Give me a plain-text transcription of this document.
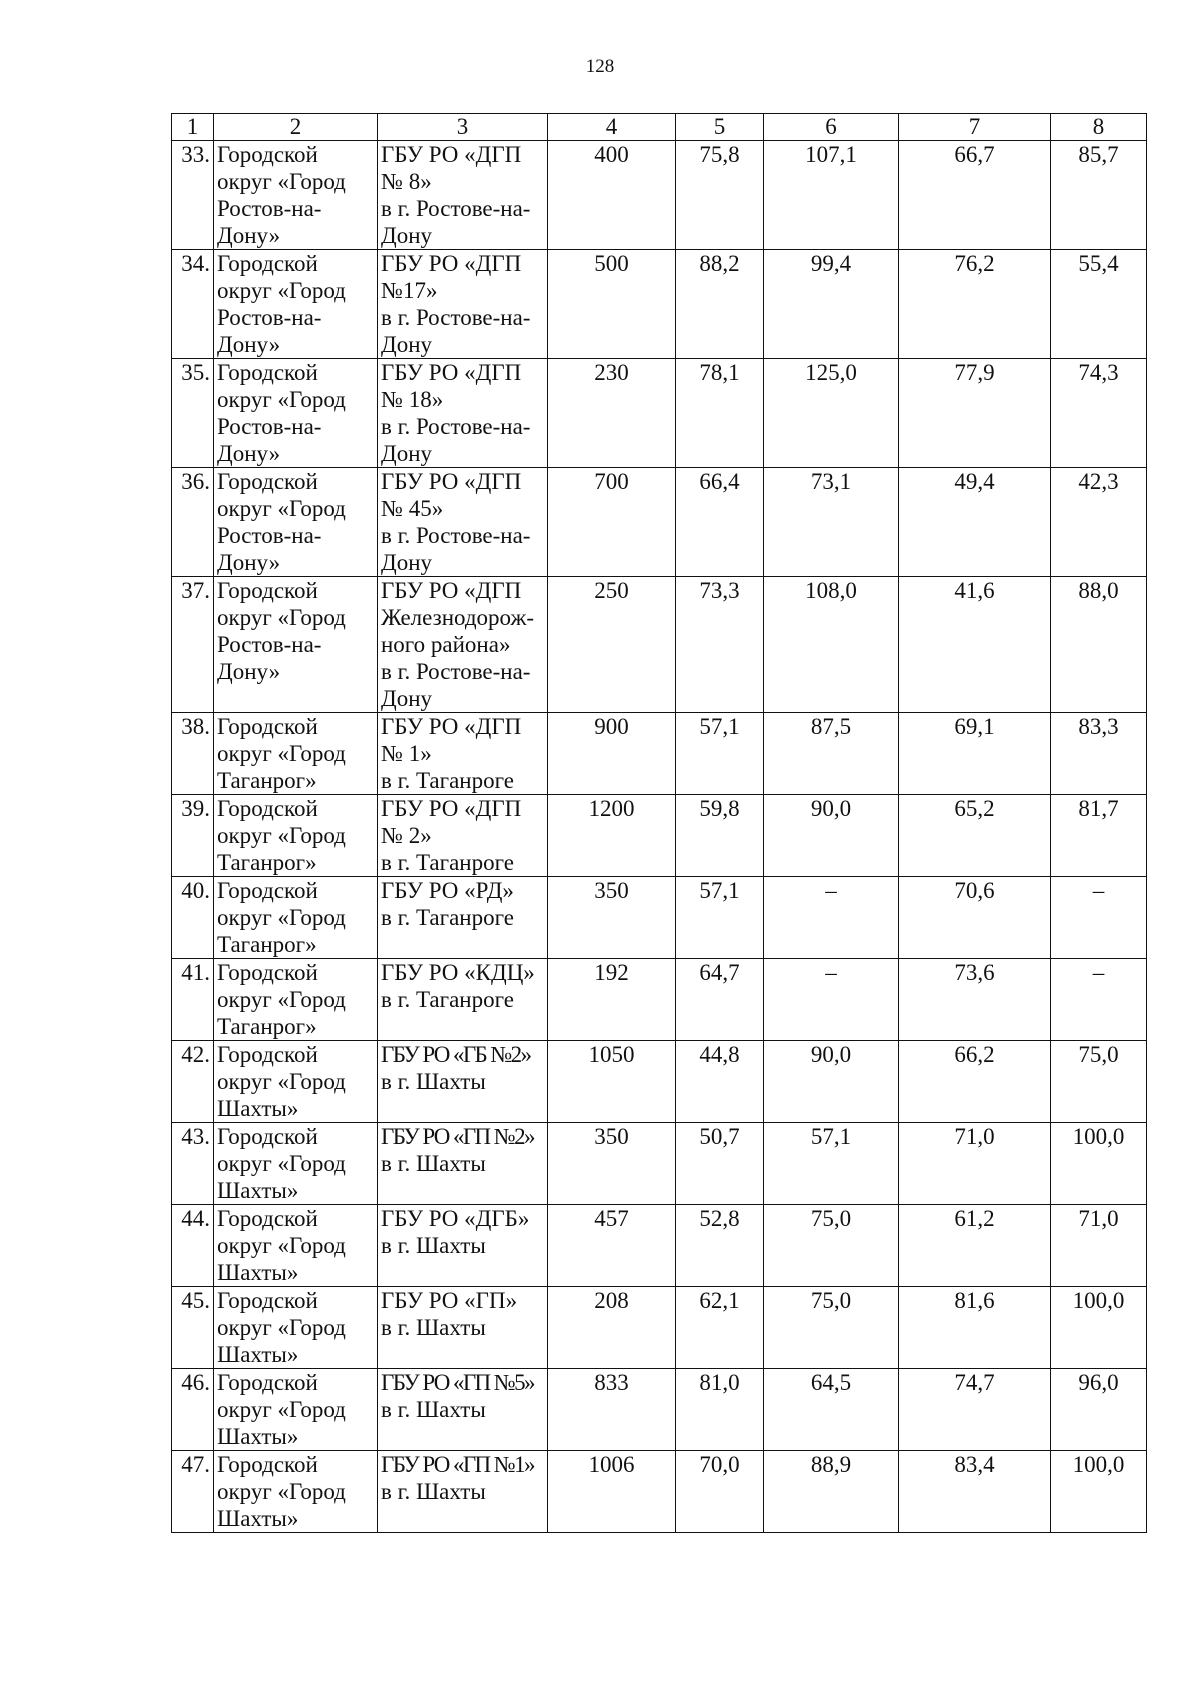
128
1	2	3	4	5	6	7	8
33.	Городской
округ «Город
Ростов-на-
Дону»	ГБУ РО «ДГП
№ 8»
в г. Ростове-на-
Дону	400	75,8	107,1	66,7	85,7
34.	Городской
округ «Город
Ростов-на-
Дону»	ГБУ РО «ДГП
№17»
в г. Ростове-на-
Дону	500	88,2	99,4	76,2	55,4
35.	Городской
округ «Город
Ростов-на-
Дону»	ГБУ РО «ДГП
№ 18»
в г. Ростове-на-
Дону	230	78,1	125,0	77,9	74,3
36.	Городской
округ «Город
Ростов-на-
Дону»	ГБУ РО «ДГП
№ 45»
в г. Ростове-на-
Дону	700	66,4	73,1	49,4	42,3
37.	Городской
округ «Город
Ростов-на-
Дону»	ГБУ РО «ДГП
Железнодорож-
ного района»
в г. Ростове-на-
Дону	250	73,3	108,0	41,6	88,0
38.	Городской
округ «Город
Таганрог»	ГБУ РО «ДГП
№ 1»
в г. Таганроге	900	57,1	87,5	69,1	83,3
39.	Городской
округ «Город
Таганрог»	ГБУ РО «ДГП
№ 2»
в г. Таганроге	1200	59,8	90,0	65,2	81,7
40.	Городской
округ «Город
Таганрог»	ГБУ РО «РД»
в г. Таганроге	350	57,1	–	70,6	–
41.	Городской
округ «Город
Таганрог»	ГБУ РО «КДЦ»
в г. Таганроге	192	64,7	–	73,6	–
42.	Городской
округ «Город
Шахты»	ГБУ РО «ГБ №2»
в г. Шахты	1050	44,8	90,0	66,2	75,0
43.	Городской
округ «Город
Шахты»	ГБУ РО «ГП №2»
в г. Шахты	350	50,7	57,1	71,0	100,0
44.	Городской
округ «Город
Шахты»	ГБУ РО «ДГБ»
в г. Шахты	457	52,8	75,0	61,2	71,0
45.	Городской
округ «Город
Шахты»	ГБУ РО «ГП»
в г. Шахты	208	62,1	75,0	81,6	100,0
46.	Городской
округ «Город
Шахты»	ГБУ РО «ГП №5»
в г. Шахты	833	81,0	64,5	74,7	96,0
47.	Городской
округ «Город
Шахты»	ГБУ РО «ГП №1»
в г. Шахты	1006	70,0	88,9	83,4	100,0
